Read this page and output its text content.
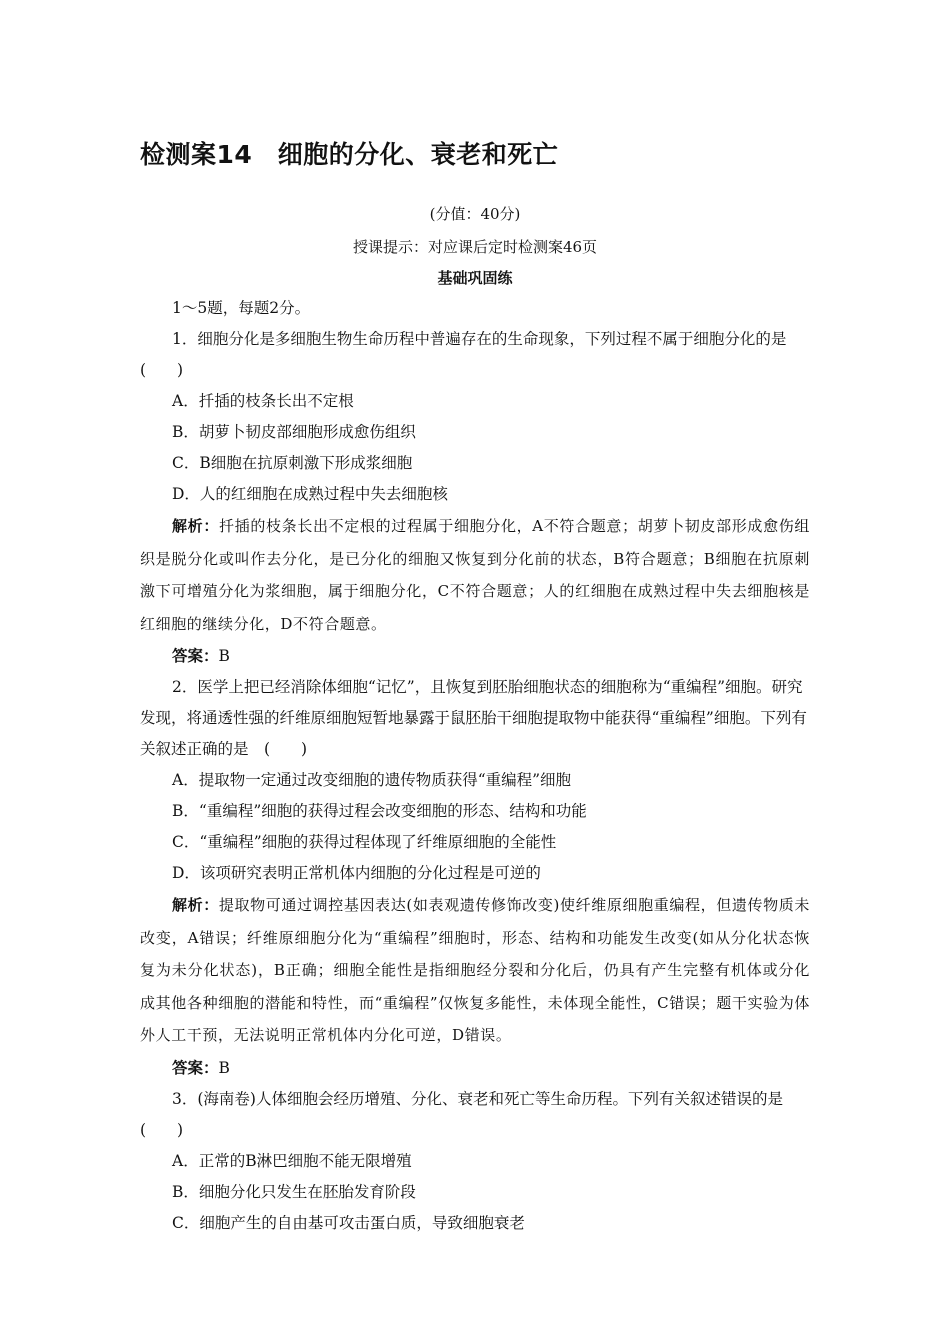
检测案14　细胞的分化、衰老和死亡
(分值：40分)
授课提示：对应课后定时检测案46页
基础巩固练

1～5题，每题2分。

1．细胞分化是多细胞生物生命历程中普遍存在的生命现象，下列过程不属于细胞分化的是　(　　)

A．扦插的枝条长出不定根

B．胡萝卜韧皮部细胞形成愈伤组织

C．B细胞在抗原刺激下形成浆细胞

D．人的红细胞在成熟过程中失去细胞核

解析：扦插的枝条长出不定根的过程属于细胞分化，A不符合题意；胡萝卜韧皮部形成愈伤组织是脱分化或叫作去分化，是已分化的细胞又恢复到分化前的状态，B符合题意；B细胞在抗原刺激下可增殖分化为浆细胞，属于细胞分化，C不符合题意；人的红细胞在成熟过程中失去细胞核是红细胞的继续分化，D不符合题意。

答案：B

2．医学上把已经消除体细胞“记忆”，且恢复到胚胎细胞状态的细胞称为“重编程”细胞。研究发现，将通透性强的纤维原细胞短暂地暴露于鼠胚胎干细胞提取物中能获得“重编程”细胞。下列有关叙述正确的是　(　　)

A．提取物一定通过改变细胞的遗传物质获得“重编程”细胞

B．“重编程”细胞的获得过程会改变细胞的形态、结构和功能

C．“重编程”细胞的获得过程体现了纤维原细胞的全能性

D．该项研究表明正常机体内细胞的分化过程是可逆的

解析：提取物可通过调控基因表达(如表观遗传修饰改变)使纤维原细胞重编程，但遗传物质未改变，A错误；纤维原细胞分化为“重编程”细胞时，形态、结构和功能发生改变(如从分化状态恢复为未分化状态)，B正确；细胞全能性是指细胞经分裂和分化后，仍具有产生完整有机体或分化成其他各种细胞的潜能和特性，而“重编程”仅恢复多能性，未体现全能性，C错误；题干实验为体外人工干预，无法说明正常机体内分化可逆，D错误。

答案：B

3．(海南卷)人体细胞会经历增殖、分化、衰老和死亡等生命历程。下列有关叙述错误的是　(　　)

A．正常的B淋巴细胞不能无限增殖

B．细胞分化只发生在胚胎发育阶段

C．细胞产生的自由基可攻击蛋白质，导致细胞衰老
